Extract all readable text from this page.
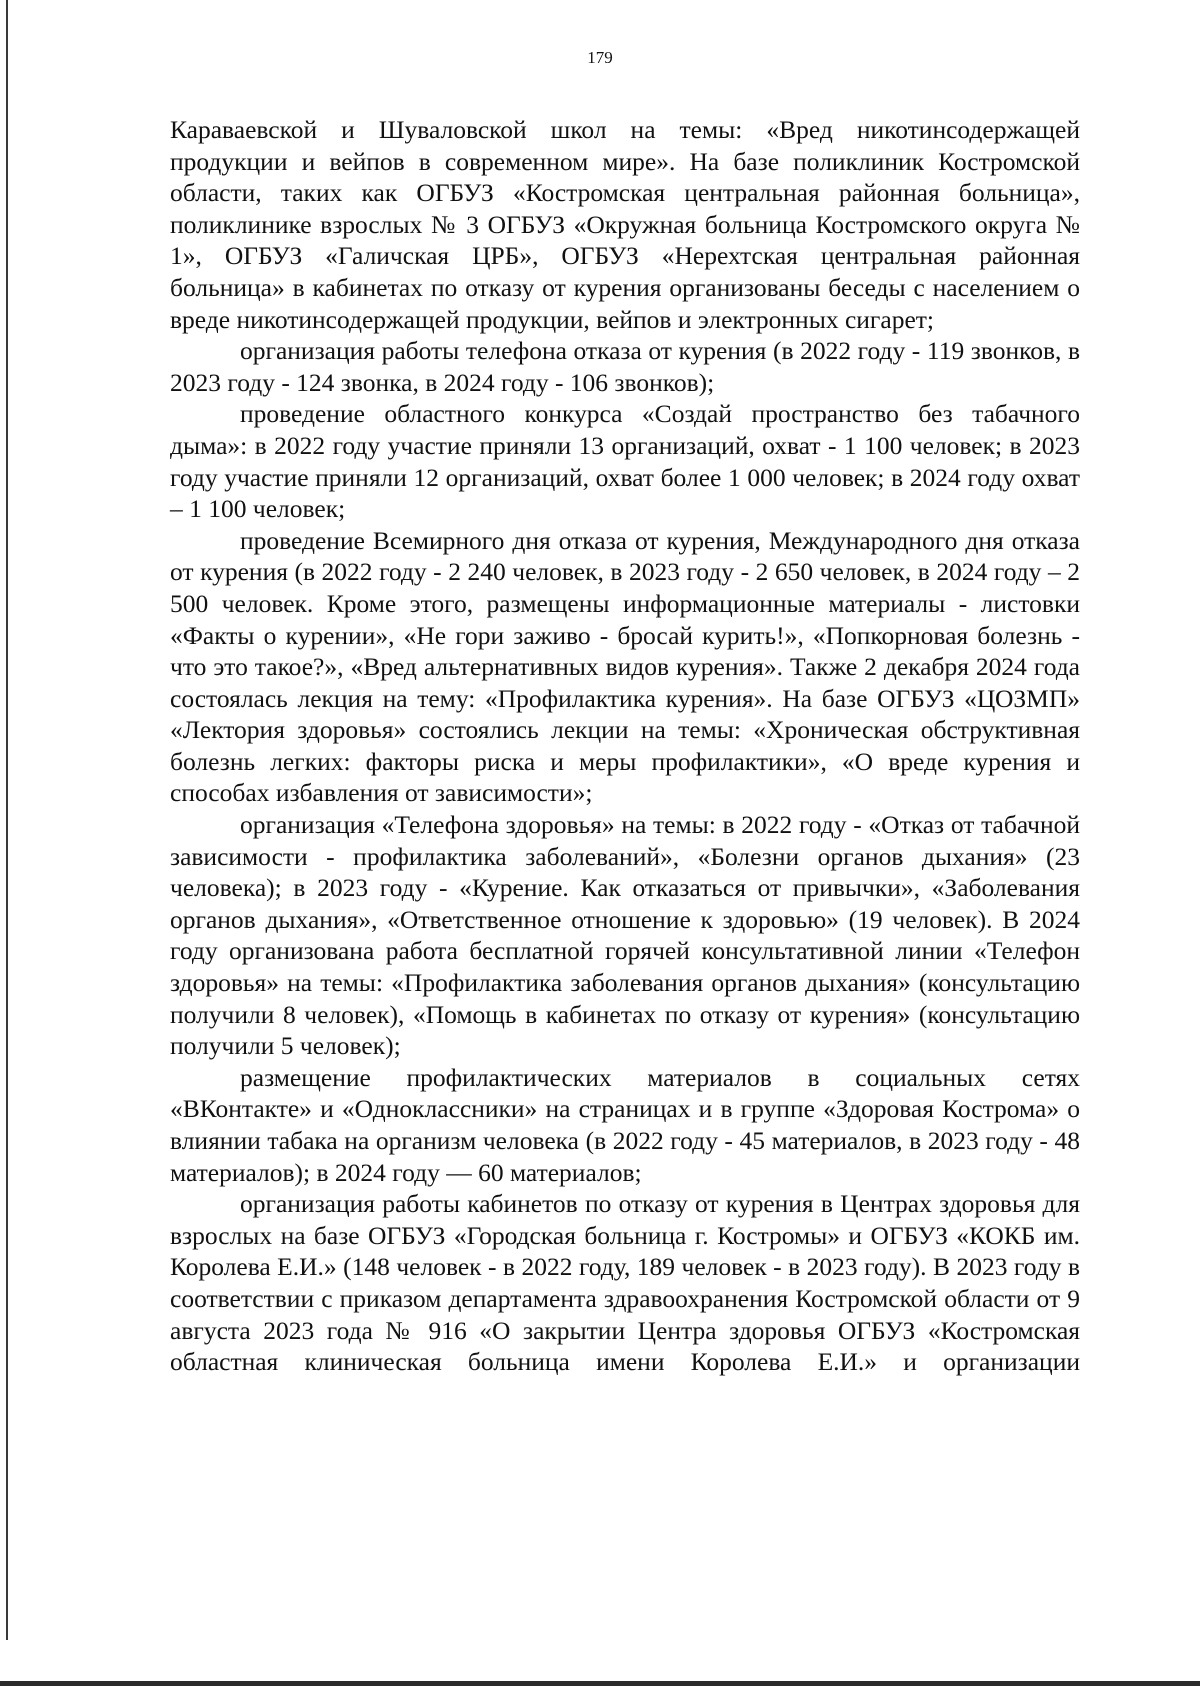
179

Караваевской и Шуваловской школ на темы: «Вред никотинсодержащей продукции и вейпов в современном мире». На базе поликлиник Костромской области, таких как ОГБУЗ «Костромская центральная районная больница», поликлинике взрослых № 3 ОГБУЗ «Окружная больница Костромского округа № 1», ОГБУЗ «Галичская ЦРБ», ОГБУЗ «Нерехтская центральная районная больница» в кабинетах по отказу от курения организованы беседы с населением о вреде никотинсодержащей продукции, вейпов и электронных сигарет;

организация работы телефона отказа от курения (в 2022 году - 119 звонков, в 2023 году - 124 звонка, в 2024 году - 106 звонков);

проведение областного конкурса «Создай пространство без табачного дыма»: в 2022 году участие приняли 13 организаций, охват - 1 100 человек; в 2023 году участие приняли 12 организаций, охват более 1 000 человек; в 2024 году охват – 1 100 человек;

проведение Всемирного дня отказа от курения, Международного дня отказа от курения (в 2022 году - 2 240 человек, в 2023 году - 2 650 человек, в 2024 году – 2 500 человек. Кроме этого, размещены информационные материалы - листовки «Факты о курении», «Не гори заживо - бросай курить!», «Попкорновая болезнь - что это такое?», «Вред альтернативных видов курения». Также 2 декабря 2024 года состоялась лекция на тему: «Профилактика курения». На базе ОГБУЗ «ЦОЗМП» «Лектория здоровья» состоялись лекции на темы: «Хроническая обструктивная болезнь легких: факторы риска и меры профилактики», «О вреде курения и способах избавления от зависимости»;

организация «Телефона здоровья» на темы: в 2022 году - «Отказ от табачной зависимости - профилактика заболеваний», «Болезни органов дыхания» (23 человека); в 2023 году - «Курение. Как отказаться от привычки», «Заболевания органов дыхания», «Ответственное отношение к здоровью» (19 человек). В 2024 году организована работа бесплатной горячей консультативной линии «Телефон здоровья» на темы: «Профилактика заболевания органов дыхания» (консультацию получили 8 человек), «Помощь в кабинетах по отказу от курения» (консультацию получили 5 человек);

размещение профилактических материалов в социальных сетях «ВКонтакте» и «Одноклассники» на страницах и в группе «Здоровая Кострома» о влиянии табака на организм человека (в 2022 году - 45 материалов, в 2023 году - 48 материалов); в 2024 году — 60 материалов;

организация работы кабинетов по отказу от курения в Центрах здоровья для взрослых на базе ОГБУЗ «Городская больница г. Костромы» и ОГБУЗ «КОКБ им. Королева Е.И.» (148 человек - в 2022 году, 189 человек - в 2023 году). В 2023 году в соответствии с приказом департамента здравоохранения Костромской области от 9 августа 2023 года № 916 «О закрытии Центра здоровья ОГБУЗ «Костромская областная клиническая больница имени Королева Е.И.» и организации
